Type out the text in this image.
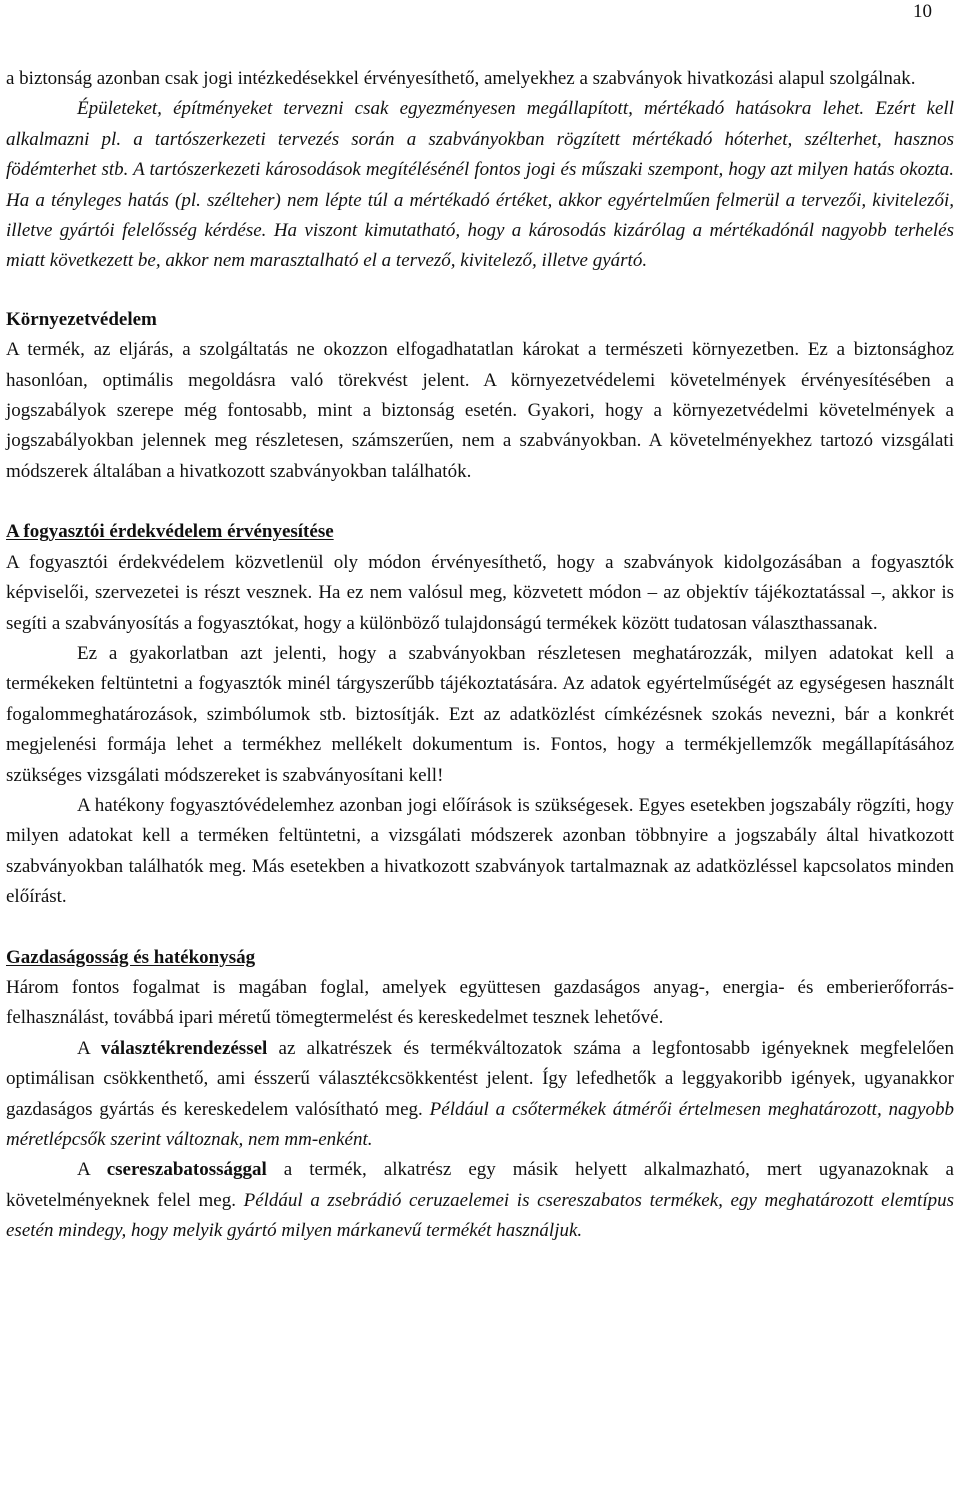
10

a biztonság azonban csak jogi intézkedésekkel érvényesíthető, amelyekhez a szabványok hivatkozási alapul szolgálnak.

Épületeket, építményeket tervezni csak egyezményesen megállapított, mértékadó hatásokra lehet. Ezért kell alkalmazni pl. a tartószerkezeti tervezés során a szabványokban rögzített mértékadó hóterhet, szélterhet, hasznos födémterhet stb. A tartószerkezeti károsodások megítélésénél fontos jogi és műszaki szempont, hogy azt milyen hatás okozta. Ha a tényleges hatás (pl. szélteher) nem lépte túl a mértékadó értéket, akkor egyértelműen felmerül a tervezői, kivitelezői, illetve gyártói felelősség kérdése. Ha viszont kimutatható, hogy a károsodás kizárólag a mértékadónál nagyobb terhelés miatt következett be, akkor nem marasztalható el a tervező, kivitelező, illetve gyártó.

Környezetvédelem

A termék, az eljárás, a szolgáltatás ne okozzon elfogadhatatlan károkat a természeti környezetben. Ez a biztonsághoz hasonlóan, optimális megoldásra való törekvést jelent. A környezetvédelemi követelmények érvényesítésében a jogszabályok szerepe még fontosabb, mint a biztonság esetén. Gyakori, hogy a környezetvédelmi követelmények a jogszabályokban jelennek meg részletesen, számszerűen, nem a szabványokban. A követelményekhez tartozó vizsgálati módszerek általában a hivatkozott szabványokban találhatók.

A fogyasztói érdekvédelem érvényesítése

A fogyasztói érdekvédelem közvetlenül oly módon érvényesíthető, hogy a szabványok kidolgozásában a fogyasztók képviselői, szervezetei is részt vesznek. Ha ez nem valósul meg, közvetett módon – az objektív tájékoztatással –, akkor is segíti a szabványosítás a fogyasztókat, hogy a különböző tulajdonságú termékek között tudatosan választhassanak.

Ez a gyakorlatban azt jelenti, hogy a szabványokban részletesen meghatározzák, milyen adatokat kell a termékeken feltüntetni a fogyasztók minél tárgyszerűbb tájékoztatására. Az adatok egyértelműségét az egységesen használt fogalommeghatározások, szimbólumok stb. biztosítják. Ezt az adatközlést címkézésnek szokás nevezni, bár a konkrét megjelenési formája lehet a termékhez mellékelt dokumentum is. Fontos, hogy a termékjellemzők megállapításához szükséges vizsgálati módszereket is szabványosítani kell!

A hatékony fogyasztóvédelemhez azonban jogi előírások is szükségesek. Egyes esetekben jogszabály rögzíti, hogy milyen adatokat kell a terméken feltüntetni, a vizsgálati módszerek azonban többnyire a jogszabály által hivatkozott szabványokban találhatók meg. Más esetekben a hivatkozott szabványok tartalmaznak az adatközléssel kapcsolatos minden előírást.

Gazdaságosság és hatékonyság

Három fontos fogalmat is magában foglal, amelyek együttesen gazdaságos anyag-, energia- és emberierőforrás-felhasználást, továbbá ipari méretű tömegtermelést és kereskedelmet tesznek lehetővé.

A választékrendezéssel az alkatrészek és termékváltozatok száma a legfontosabb igényeknek megfelelően optimálisan csökkenthető, ami ésszerű választékcsökkentést jelent. Így lefedhetők a leggyakoribb igények, ugyanakkor gazdaságos gyártás és kereskedelem valósítható meg. Például a csőtermékek átmérői értelmesen meghatározott, nagyobb méretlépcsők szerint változnak, nem mm-enként.

A csereszabatossággal a termék, alkatrész egy másik helyett alkalmazható, mert ugyanazoknak a követelményeknek felel meg. Például a zsebrádió ceruzaelemei is csereszabatos termékek, egy meghatározott elemtípus esetén mindegy, hogy melyik gyártó milyen márkanevű termékét használjuk.
